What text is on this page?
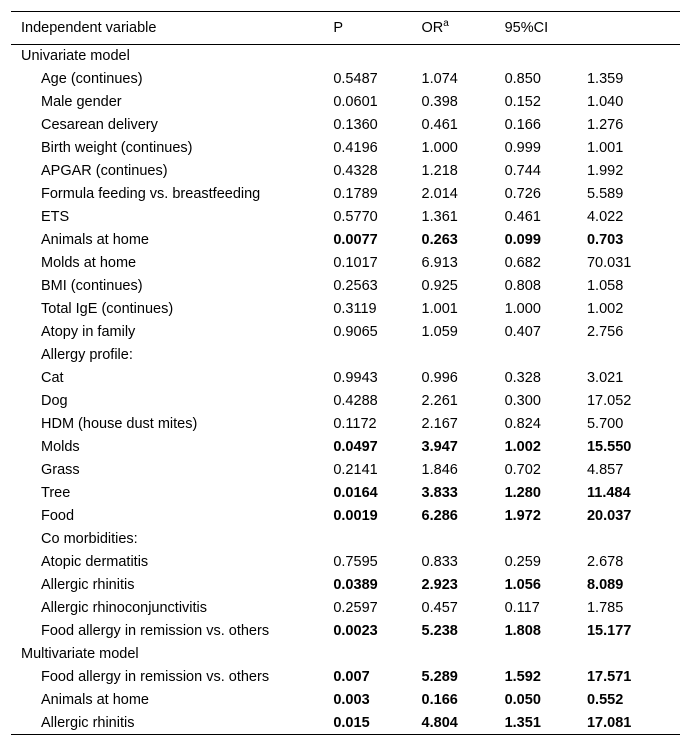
Independent variable	P	$OR^a$	95%CI	
Univariate model				
Age (continues)	0.5487	1.074	0.850	1.359
Male gender	0.0601	0.398	0.152	1.040
Cesarean delivery	0.1360	0.461	0.166	1.276
Birth weight (continues)	0.4196	1.000	0.999	1.001
APGAR (continues)	0.4328	1.218	0.744	1.992
Formula feeding vs. breastfeeding	0.1789	2.014	0.726	5.589
ETS	0.5770	1.361	0.461	4.022
Animals at home	0.0077	0.263	0.099	0.703
Molds at home	0.1017	6.913	0.682	70.031
BMI (continues)	0.2563	0.925	0.808	1.058
Total IgE (continues)	0.3119	1.001	1.000	1.002
Atopy in family	0.9065	1.059	0.407	2.756
Allergy profile:				
Cat	0.9943	0.996	0.328	3.021
Dog	0.4288	2.261	0.300	17.052
HDM (house dust mites)	0.1172	2.167	0.824	5.700
Molds	0.0497	3.947	1.002	15.550
Grass	0.2141	1.846	0.702	4.857
Tree	0.0164	3.833	1.280	11.484
Food	0.0019	6.286	1.972	20.037
Co morbidities:				
Atopic dermatitis	0.7595	0.833	0.259	2.678
Allergic rhinitis	0.0389	2.923	1.056	8.089
Allergic rhinoconjunctivitis	0.2597	0.457	0.117	1.785
Food allergy in remission vs. others	0.0023	5.238	1.808	15.177
Multivariate model				
Food allergy in remission vs. others	0.007	5.289	1.592	17.571
Animals at home	0.003	0.166	0.050	0.552
Allergic rhinitis	0.015	4.804	1.351	17.081
